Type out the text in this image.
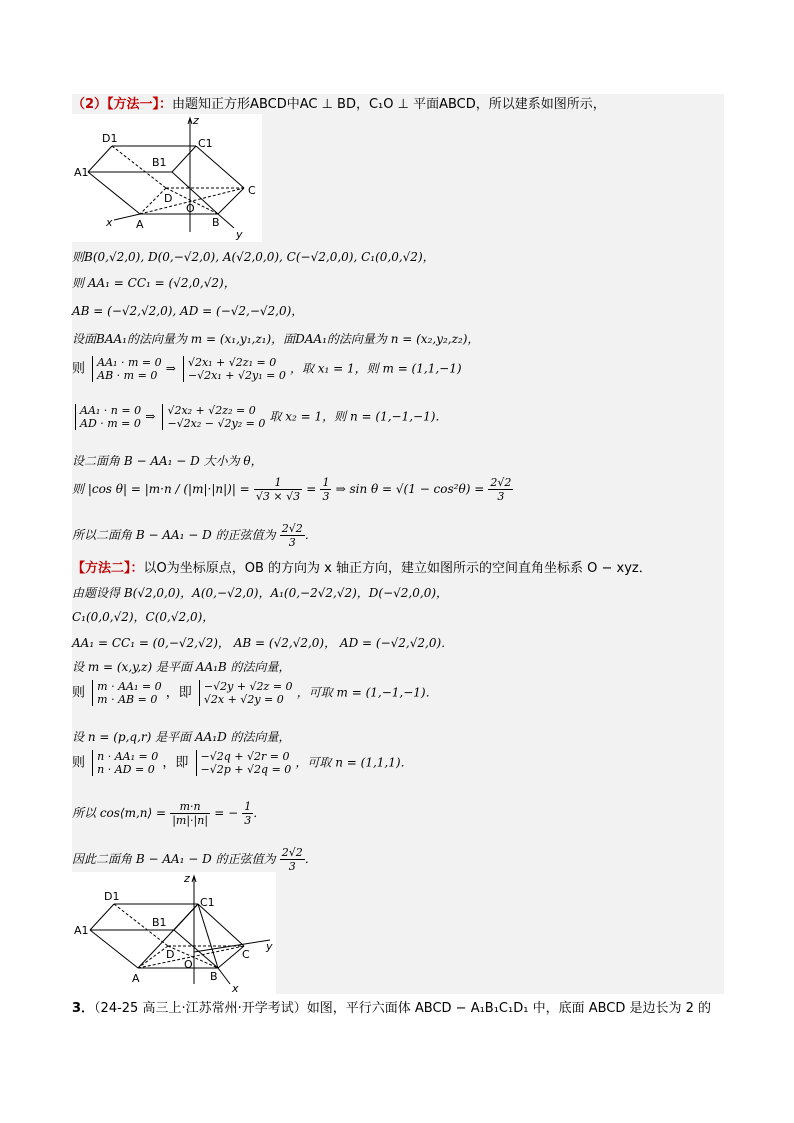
（2）【方法一】：由题知正方形ABCD中AC ⊥ BD，C₁O ⊥ 平面ABCD，所以建系如图所示，
z
D1	C1
A1
B1
C
D
O
A	B
x
y
则B(0,√2,0), D(0,−√2,0), A(√2,0,0), C(−√2,0,0), C₁(0,0,√2)，
则 AA₁ = CC₁ = (√2,0,√2)，
AB = (−√2,√2,0), AD = (−√2,−√2,0)，
设面BAA₁的法向量为 m = (x₁,y₁,z₁)，面DAA₁的法向量为 n = (x₂,y₂,z₂)，
则 AA₁ · m = 0
AB · m = 0 ⇒ √2x₁ + √2z₁ = 0
−√2x₁ + √2y₁ = 0 ，取 x₁ = 1，则 m = (1,1,−1)
AA₁ · n = 0
AD · m = 0 ⇒ √2x₂ + √2z₂ = 0
−√2x₂ − √2y₂ = 0 取 x₂ = 1，则 n = (1,−1,−1)．
设二面角 B − AA₁ − D 大小为 θ，
则 |cos $\theta| = |m\cdot n / (|m|\cdot|n|)| = \frac{1}{√3 \times √3} = \frac{1}{3}$ ⇒ $\sin \theta = √(1 - \cos^2\theta) = \frac{2√2}{3}$
所以二面角 B − AA₁ − D 的正弦值为 $\frac{2√2}{3}$ ．
【方法二】：以O为坐标原点，OB 的方向为 x 轴正方向，建立如图所示的空间直角坐标系 O − xyz．
由题设得 B(√2,0,0)，A(0,−√2,0)，A₁(0,−2√2,√2)，D(−√2,0,0)，
C₁(0,0,√2)，C(0,√2,0)，
AA₁ = CC₁ = (0,−√2,√2)， AB = (√2,√2,0)， AD = (−√2,√2,0)．
设 m = (x,y,z) 是平面 AA₁B 的法向量，
则 m · AA₁ = 0
m · AB = 0 ，即 −√2y + √2z = 0
√2x + √2y = 0	，可取 m = (1,−1,−1)．
设 n = (p,q,r) 是平面 AA₁D 的法向量，
则 n · AA₁ = 0
n · AD = 0 ，即 −√2q + √2r = 0
−√2p + √2q = 0 ，可取 n = (1,1,1)．
所以 cos⟨m,n⟩ = $\frac{m\cdot n}{|m|\cdot|n|}$ = − $\frac{1}{3}$ ．
因此二面角 B − AA₁ − D 的正弦值为 $\frac{2√2}{3}$ ．
z
D1	C1
A1
B1
C
D
O
A	B
x
y
3．（24-25 高三上·江苏常州·开学考试）如图，平行六面体 ABCD − A₁B₁C₁D₁ 中，底面 ABCD 是边长为 2 的
